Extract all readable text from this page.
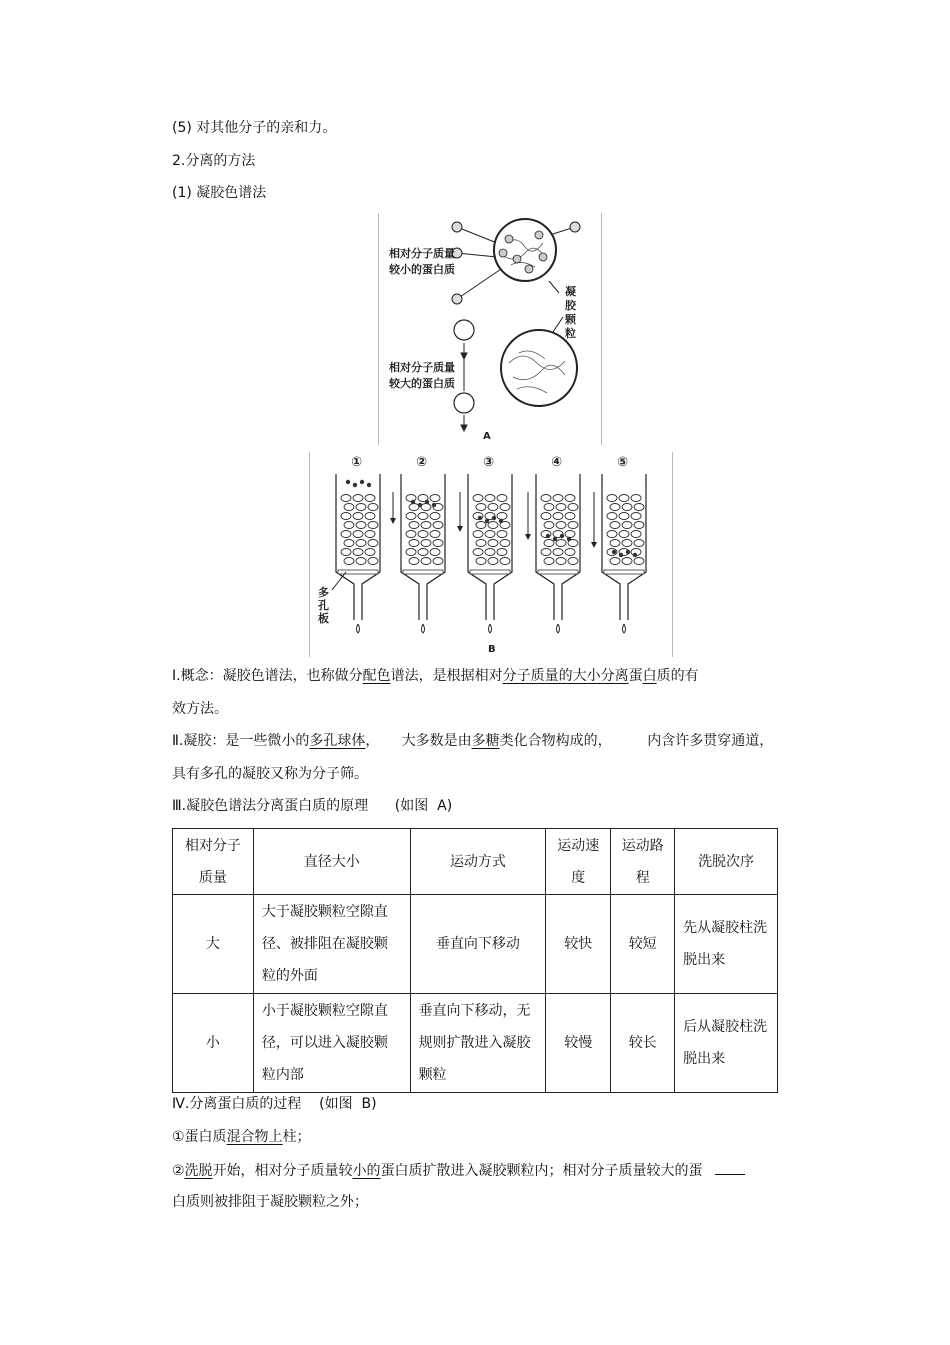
(5) 对其他分子的亲和力。
2.分离的方法
(1) 凝胶色谱法
相对分子质量
较小的蛋白质
凝
胶
颗
粒
相对分子质量
较大的蛋白质
A
①	②	③	④	⑤
多
孔
板
B
Ⅰ.概念：凝胶色谱法，也称做分配色谱法，是根据相对分子质量的大小分离蛋白质的有
效方法。
Ⅱ.凝胶：是一些微小的多孔球体，     大多数是由多糖类化合物构成的，        内含许多贯穿通道，
具有多孔的凝胶又称为分子筛。
Ⅲ.凝胶色谱法分离蛋白质的原理      (如图  A)
相对分子质量	直径大小	运动方式	运动速度	运动路程	洗脱次序
大	大于凝胶颗粒空隙直径、被排阻在凝胶颗粒的外面	垂直向下移动	较快	较短	先从凝胶柱洗脱出来
小	小于凝胶颗粒空隙直径，可以进入凝胶颗粒内部	垂直向下移动，无规则扩散进入凝胶颗粒	较慢	较长	后从凝胶柱洗脱出来
Ⅳ.分离蛋白质的过程    (如图  B)
①蛋白质混合物上柱；
②洗脱开始，相对分子质量较小的蛋白质扩散进入凝胶颗粒内；相对分子质量较大的蛋
白质则被排阻于凝胶颗粒之外；
